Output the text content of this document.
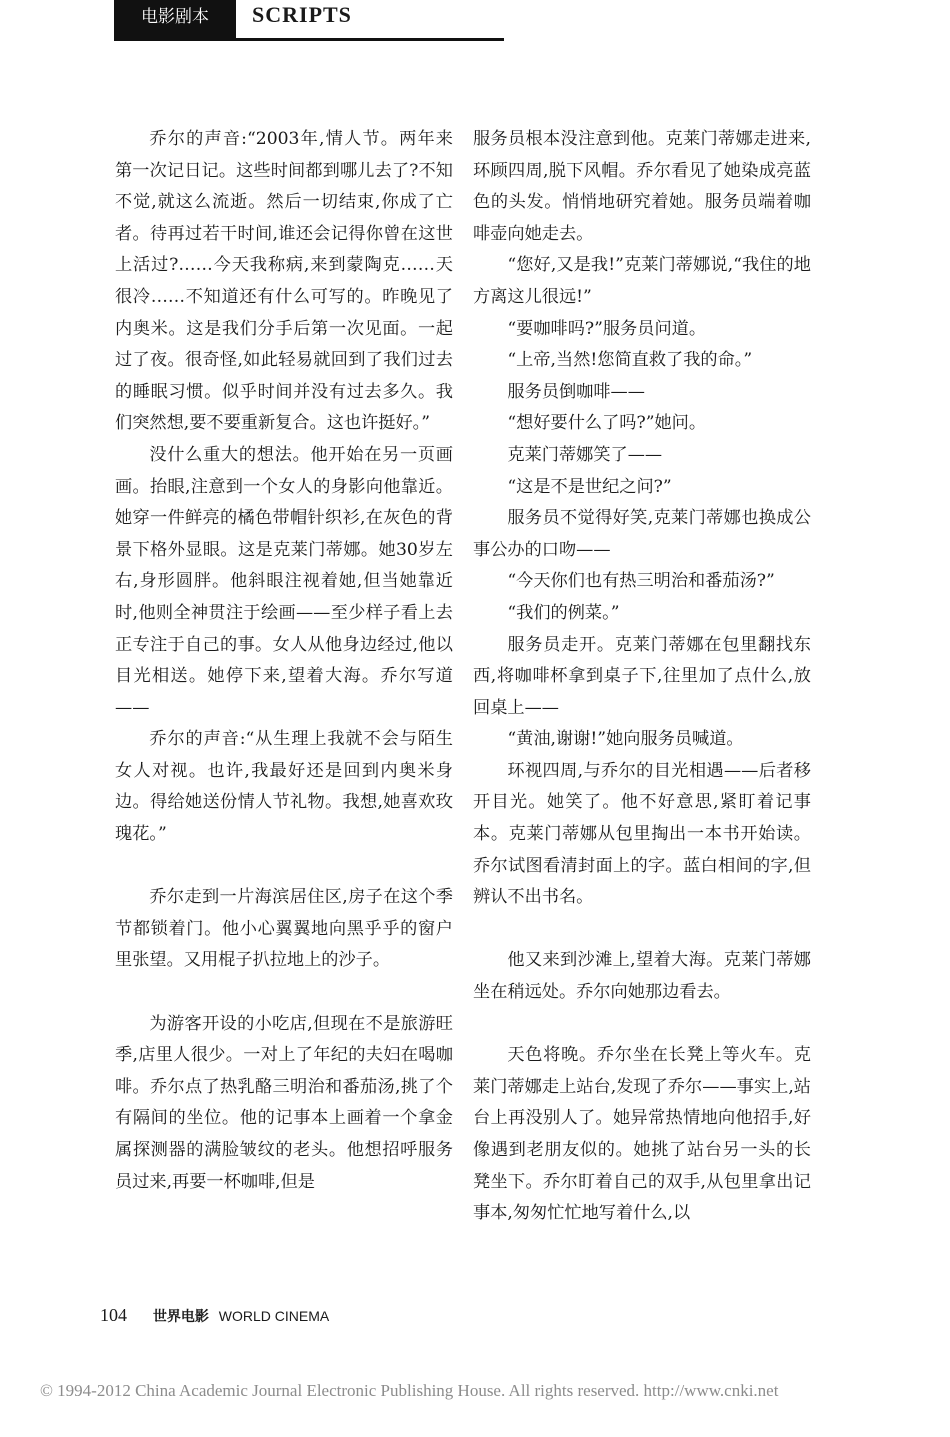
电影剧本	SCRIPTS

乔尔的声音:“2003年,情人节。两年来第一次记日记。这些时间都到哪儿去了?不知不觉,就这么流逝。然后一切结束,你成了亡者。待再过若干时间,谁还会记得你曾在这世上活过?……今天我称病,来到蒙陶克……天很冷……不知道还有什么可写的。昨晚见了内奥米。这是我们分手后第一次见面。一起过了夜。很奇怪,如此轻易就回到了我们过去的睡眠习惯。似乎时间并没有过去多久。我们突然想,要不要重新复合。这也许挺好。”

没什么重大的想法。他开始在另一页画画。抬眼,注意到一个女人的身影向他靠近。她穿一件鲜亮的橘色带帽针织衫,在灰色的背景下格外显眼。这是克莱门蒂娜。她30岁左右,身形圆胖。他斜眼注视着她,但当她靠近时,他则全神贯注于绘画——至少样子看上去正专注于自己的事。女人从他身边经过,他以目光相送。她停下来,望着大海。乔尔写道——

乔尔的声音:“从生理上我就不会与陌生女人对视。也许,我最好还是回到内奥米身边。得给她送份情人节礼物。我想,她喜欢玫瑰花。”

乔尔走到一片海滨居住区,房子在这个季节都锁着门。他小心翼翼地向黑乎乎的窗户里张望。又用棍子扒拉地上的沙子。

为游客开设的小吃店,但现在不是旅游旺季,店里人很少。一对上了年纪的夫妇在喝咖啡。乔尔点了热乳酪三明治和番茄汤,挑了个有隔间的坐位。他的记事本上画着一个拿金属探测器的满脸皱纹的老头。他想招呼服务员过来,再要一杯咖啡,但是

服务员根本没注意到他。克莱门蒂娜走进来,环顾四周,脱下风帽。乔尔看见了她染成亮蓝色的头发。悄悄地研究着她。服务员端着咖啡壶向她走去。

“您好,又是我!”克莱门蒂娜说,“我住的地方离这儿很远!”

“要咖啡吗?”服务员问道。

“上帝,当然!您简直救了我的命。”

服务员倒咖啡——

“想好要什么了吗?”她问。

克莱门蒂娜笑了——

“这是不是世纪之问?”

服务员不觉得好笑,克莱门蒂娜也换成公事公办的口吻——

“今天你们也有热三明治和番茄汤?”

“我们的例菜。”

服务员走开。克莱门蒂娜在包里翻找东西,将咖啡杯拿到桌子下,往里加了点什么,放回桌上——

“黄油,谢谢!”她向服务员喊道。

环视四周,与乔尔的目光相遇——后者移开目光。她笑了。他不好意思,紧盯着记事本。克莱门蒂娜从包里掏出一本书开始读。乔尔试图看清封面上的字。蓝白相间的字,但辨认不出书名。

他又来到沙滩上,望着大海。克莱门蒂娜坐在稍远处。乔尔向她那边看去。

天色将晚。乔尔坐在长凳上等火车。克莱门蒂娜走上站台,发现了乔尔——事实上,站台上再没别人了。她异常热情地向他招手,好像遇到老朋友似的。她挑了站台另一头的长凳坐下。乔尔盯着自己的双手,从包里拿出记事本,匆匆忙忙地写着什么,以

104 世界电影 WORLD CINEMA
© 1994-2012 China Academic Journal Electronic Publishing House. All rights reserved. http://www.cnki.net
